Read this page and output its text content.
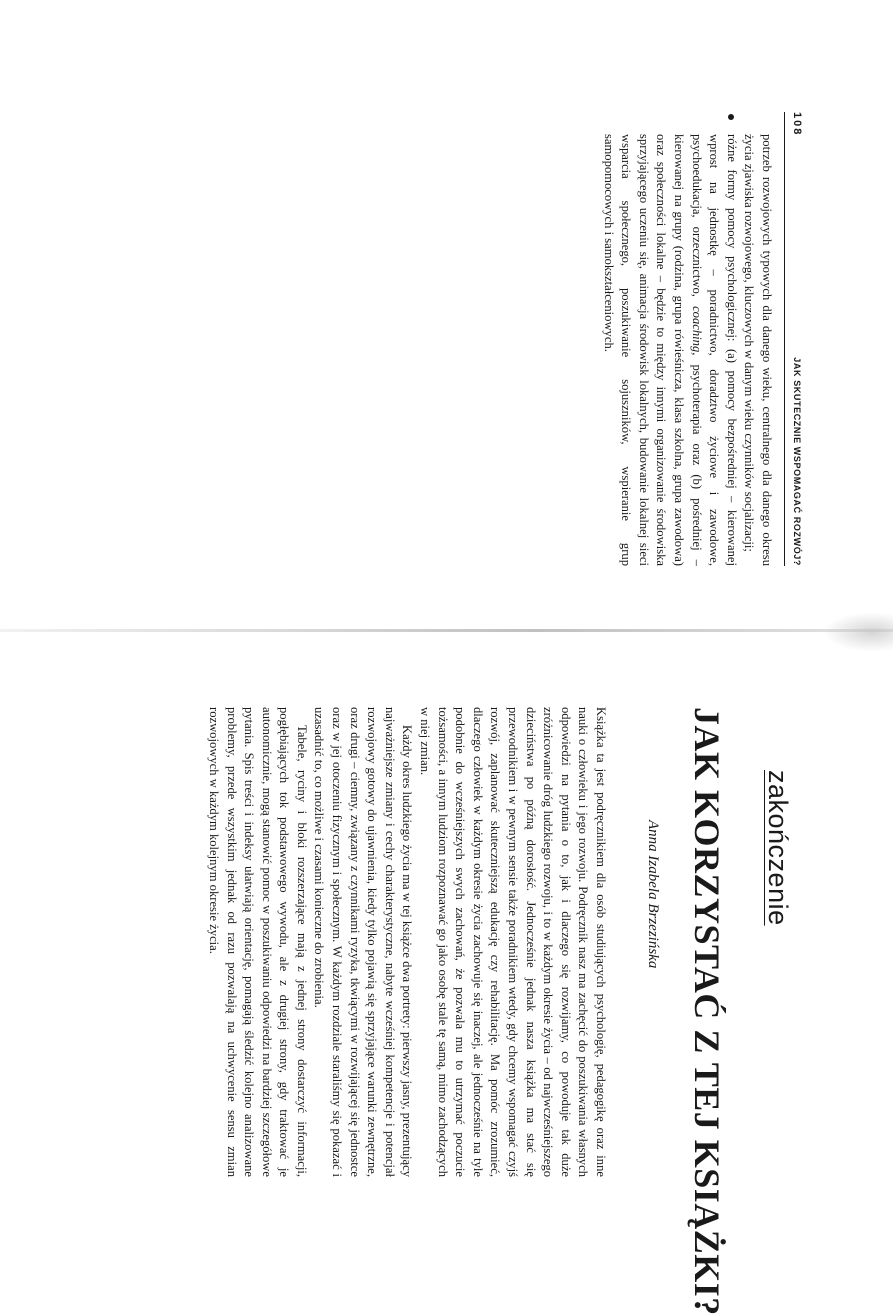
108
JAK SKUTECZNIE WSPOMAGAĆ ROZWÓJ?

potrzeb rozwojowych typowych dla danego wieku, centralnego dla danego okresu życia zjawiska rozwojowego, kluczowych w danym wieku czynników socjalizacji;

różne formy pomocy psychologicznej: (a) pomocy bezpośredniej – kierowanej wprost na jednostkę – poradnictwo, doradztwo życiowe i zawodowe, psychoedukacja, orzecznictwo, coaching, psychoterapia oraz (b) pośredniej – kierowanej na grupy (rodzina, grupa rówieśnicza, klasa szkolna, grupa zawodowa) oraz społeczności lokalne – będzie to między innymi organizowanie środowiska sprzyjającego uczeniu się, animacja środowisk lokalnych, budowanie lokalnej sieci wsparcia społecznego, poszukiwanie sojuszników, wspieranie grup samopomocowych i samokształceniowych.
zakończenie
JAK KORZYSTAĆ Z TEJ KSIĄŻKI?
Anna Izabela Brzezińska

Książka ta jest podręcznikiem dla osób studiujących psychologię, pedagogikę oraz inne nauki o człowieku i jego rozwoju. Podręcznik nasz ma zachęcić do poszukiwania własnych odpowiedzi na pytania o to, jak i dlaczego się rozwijamy, co powoduje tak duże zróżnicowanie dróg ludzkiego rozwoju, i to w każdym okresie życia – od najwcześniejszego dzieciństwa po późną dorosłość. Jednocześnie jednak nasza książka ma stać się przewodnikiem i w pewnym sensie także poradnikiem wtedy, gdy chcemy wspomagać czyjś rozwój, zaplanować skuteczniejszą edukację czy rehabilitację. Ma pomóc zrozumieć, dlaczego człowiek w każdym okresie życia zachowuje się inaczej, ale jednocześnie na tyle podobnie do wcześniejszych swych zachowań, że pozwala mu to utrzymać poczucie tożsamości, a innym ludziom rozpoznawać go jako osobę stale tę samą, mimo zachodzących w niej zmian.

Każdy okres ludzkiego życia ma w tej książce dwa portrety: pierwszy jasny, prezentujący najważniejsze zmiany i cechy charakterystyczne, nabyte wcześniej kompetencje i potencjał rozwojowy gotowy do ujawnienia, kiedy tylko pojawią się sprzyjające warunki zewnętrzne, oraz drugi – ciemny, związany z czynnikami ryzyka, tkwiącymi w rozwijającej się jednostce oraz w jej otoczeniu fizycznym i społecznym. W każdym rozdziale staraliśmy się pokazać i uzasadnić to, co możliwe i czasami konieczne do zrobienia.

Tabele, ryciny i bloki rozszerzające mają z jednej strony dostarczyć informacji, pogłębiających tok podstawowego wywodu, ale z drugiej strony, gdy traktować je autonomicznie, mogą stanowić pomoc w poszukiwaniu odpowiedzi na bardziej szczegółowe pytania. Spis treści i indeksy ułatwiają orientację, pomagają śledzić kolejno analizowane problemy, przede wszystkim jednak od razu pozwalają na uchwycenie sensu zmian rozwojowych w każdym kolejnym okresie życia.
